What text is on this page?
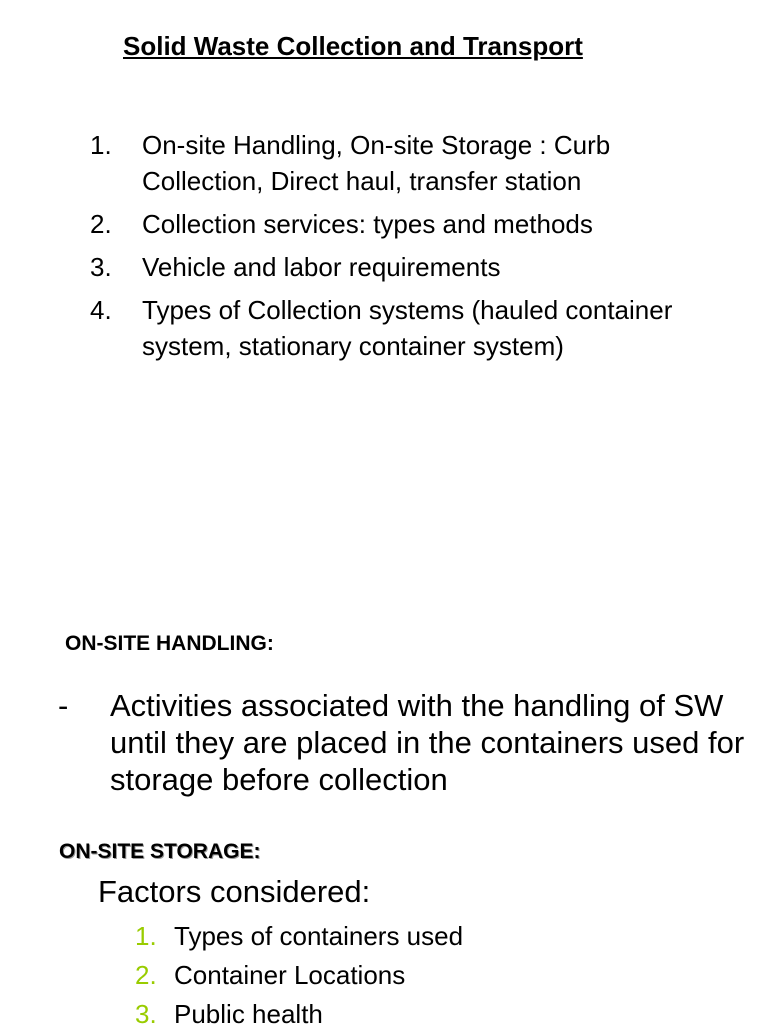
Solid Waste Collection and Transport
1. On-site Handling, On-site Storage : Curb Collection, Direct haul, transfer station
2. Collection services: types and methods
3. Vehicle and labor requirements
4. Types of Collection systems (hauled container system, stationary container system)
ON-SITE HANDLING:
- Activities associated with the handling of SW until they are placed in the containers used for storage before collection
ON-SITE STORAGE:
Factors considered:
1. Types of containers used
2. Container Locations
3. Public health
